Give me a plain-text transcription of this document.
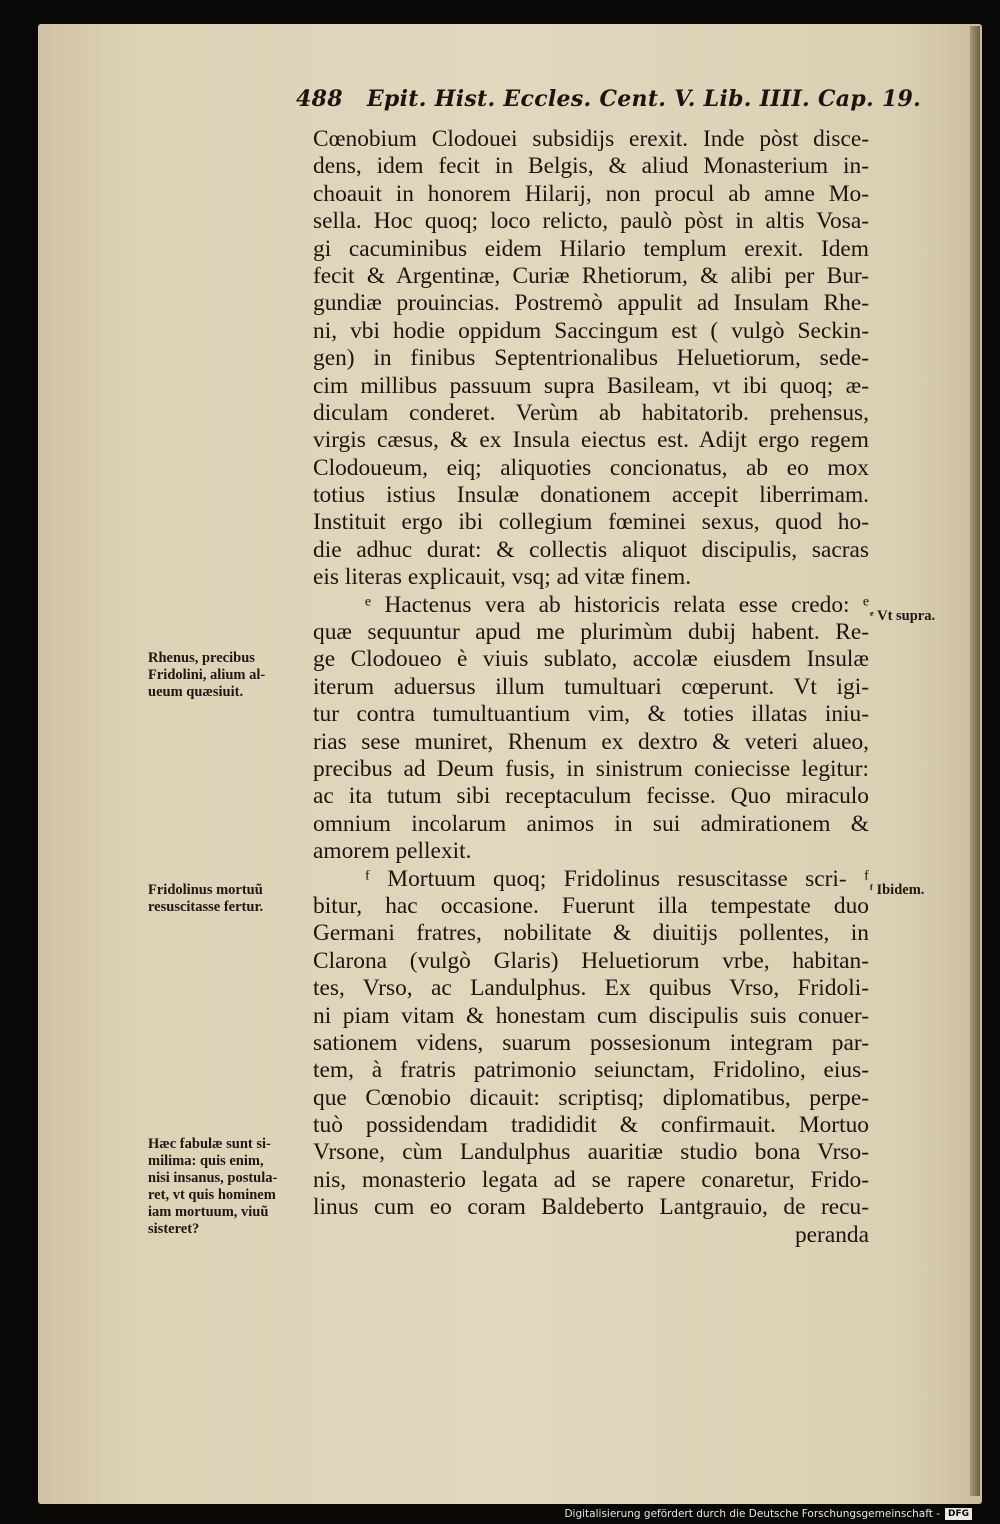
488 Epit. Hist. Eccles. Cent. V. Lib. IIII. Cap. 19.
Cœnobium Clodouei subsidijs erexit. Inde pòst disce-
dens, idem fecit in Belgis, & aliud Monasterium in-
choauit in honorem Hilarij, non procul ab amne Mo-
sella. Hoc quoq; loco relicto, paulò pòst in altis Vosa-
gi cacuminibus eidem Hilario templum erexit. Idem
fecit & Argentinæ, Curiæ Rhetiorum, & alibi per Bur-
gundiæ prouincias. Postremò appulit ad Insulam Rhe-
ni, vbi hodie oppidum Saccingum est ( vulgò Seckin-
gen) in finibus Septentrionalibus Heluetiorum, sede-
cim millibus passuum supra Basileam, vt ibi quoq; æ-
diculam conderet. Verùm ab habitatorib. prehensus,
virgis cæsus, & ex Insula eiectus est. Adijt ergo regem
Clodoueum, eiq; aliquoties concionatus, ab eo mox
totius istius Insulæ donationem accepit liberrimam.
Instituit ergo ibi collegium fœminei sexus, quod ho-
die adhuc durat: & collectis aliquot discipulis, sacras
eis literas explicauit, vsq; ad vitæ finem.
ᵉ Hactenus vera ab historicis relata esse credo: ᵉ
quæ sequuntur apud me plurimùm dubij habent. Re-
ge Clodoueo è viuis sublato, accolæ eiusdem Insulæ
iterum aduersus illum tumultuari cœperunt. Vt igi-
tur contra tumultuantium vim, & toties illatas iniu-
rias sese muniret, Rhenum ex dextro & veteri alueo,
precibus ad Deum fusis, in sinistrum coniecisse legitur:
ac ita tutum sibi receptaculum fecisse. Quo miraculo
omnium incolarum animos in sui admirationem &
amorem pellexit.
ᶠ Mortuum quoq; Fridolinus resuscitasse scri- ᶠ
bitur, hac occasione. Fuerunt illa tempestate duo
Germani fratres, nobilitate & diuitijs pollentes, in
Clarona (vulgò Glaris) Heluetiorum vrbe, habitan-
tes, Vrso, ac Landulphus. Ex quibus Vrso, Fridoli-
ni piam vitam & honestam cum discipulis suis conuer-
sationem videns, suarum possesionum integram par-
tem, à fratris patrimonio seiunctam, Fridolino, eius-
que Cœnobio dicauit: scriptisq; diplomatibus, perpe-
tuò possidendam tradididit & confirmauit. Mortuo
Vrsone, cùm Landulphus auaritiæ studio bona Vrso-
nis, monasterio legata ad se rapere conaretur, Frido-
linus cum eo coram Baldeberto Lantgrauio, de recu-
peranda
Rhenus, precibus
Fridolini, alium al-
ueum quæsiuit.
Fridolinus mortuũ
resuscitasse fertur.
Hæc fabulæ sunt si-
milima: quis enim,
nisi insanus, postula-
ret, vt quis hominem
iam mortuum, viuũ
sisteret?
ᵉ Vt supra.
ᶠ Ibidem.
Digitalisierung gefördert durch die Deutsche Forschungsgemeinschaft - DFG
